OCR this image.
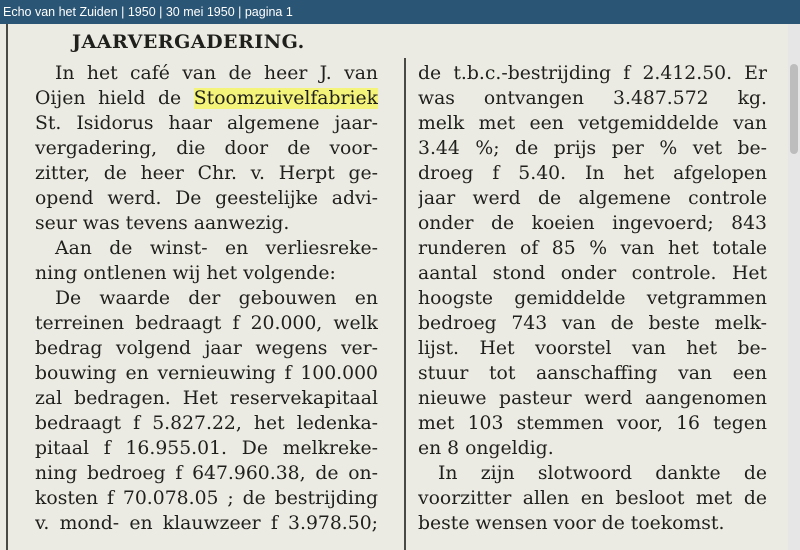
Echo van het Zuiden | 1950 | 30 mei 1950 | pagina 1
JAARVERGADERING.
In het café van de heer J. van
Oijen hield de Stoomzuivelfabriek
St. Isidorus haar algemene jaar-
vergadering, die door de voor-
zitter, de heer Chr. v. Herpt ge-
opend werd. De geestelijke advi-
seur was tevens aanwezig.
Aan de winst- en verliesreke-
ning ontlenen wij het volgende:
De waarde der gebouwen en
terreinen bedraagt f 20.000, welk
bedrag volgend jaar wegens ver-
bouwing en vernieuwing f 100.000
zal bedragen. Het reservekapitaal
bedraagt f 5.827.22, het ledenka-
pitaal f 16.955.01. De melkreke-
ning bedroeg f 647.960.38, de on-
kosten f 70.078.05 ; de bestrijding
v. mond- en klauwzeer f 3.978.50;
de t.b.c.-bestrijding f 2.412.50. Er
was ontvangen 3.487.572 kg.
melk met een vetgemiddelde van
3.44 %; de prijs per % vet be-
droeg f 5.40. In het afgelopen
jaar werd de algemene controle
onder de koeien ingevoerd; 843
runderen of 85 % van het totale
aantal stond onder controle. Het
hoogste gemiddelde vetgrammen
bedroeg 743 van de beste melk-
lijst. Het voorstel van het be-
stuur tot aanschaffing van een
nieuwe pasteur werd aangenomen
met 103 stemmen voor, 16 tegen
en 8 ongeldig.
In zijn slotwoord dankte de
voorzitter allen en besloot met de
beste wensen voor de toekomst.
